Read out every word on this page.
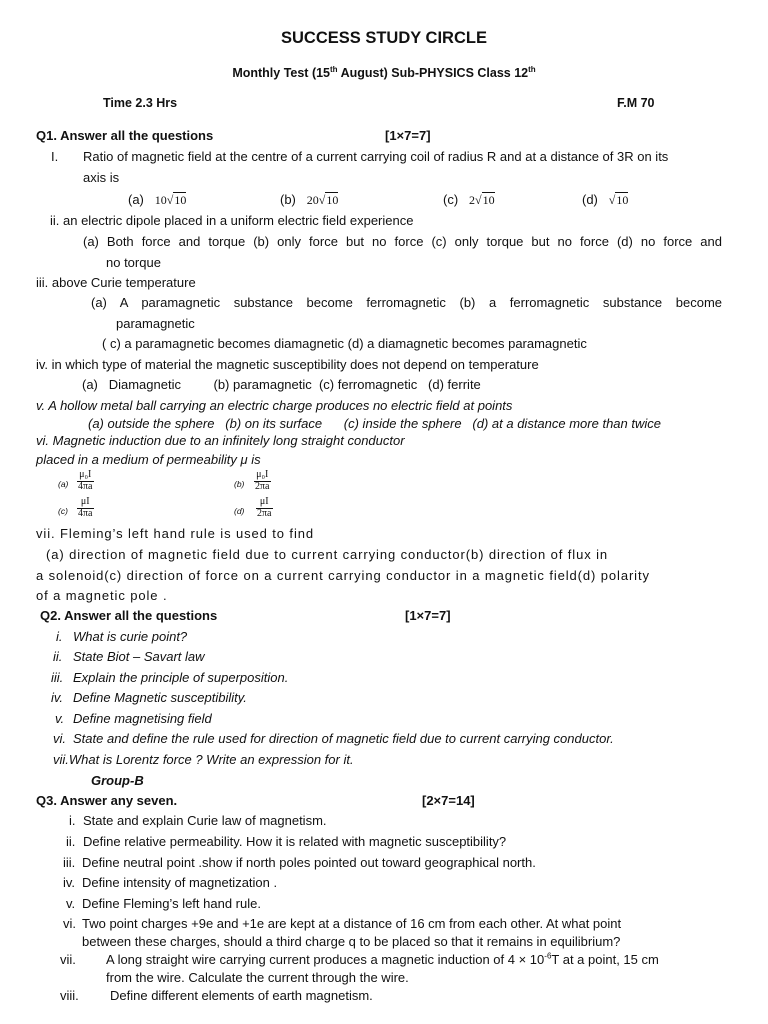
SUCCESS STUDY CIRCLE
Monthly Test (15th August) Sub-PHYSICS Class 12th
Time 2.3 Hrs	F.M 70
Q1. Answer all the questions	[1×7=7]
I. Ratio of magnetic field at the centre of a current carrying coil of radius R and at a distance of 3R on its
axis is
(a) 10√10	(b) 20√10	(c) 2√10	(d) √10
ii. an electric dipole placed in a uniform electric field experience
(a) Both force and torque (b) only force but no force (c) only torque but no force (d) no force and
no torque
iii. above Curie temperature
(a) A paramagnetic substance become ferromagnetic (b) a ferromagnetic substance become
paramagnetic
( c) a paramagnetic becomes diamagnetic (d) a diamagnetic becomes paramagnetic
iv. in which type of material the magnetic susceptibility does not depend on temperature
(a)   Diamagnetic         (b) paramagnetic  (c) ferromagnetic   (d) ferrite
v. A hollow metal ball carrying an electric charge produces no electric field at points
(a) outside the sphere   (b) on its surface      (c) inside the sphere   (d) at a distance more than twice
vi. Magnetic induction due to an infinitely long straight conductor
placed in a medium of permeability μ is
(a)
μ₀I
4πa	(b)
μ₀I
2πa
(c)
μI
4πa	(d)
μI
2πa
vii. Fleming’s left hand rule is used to find
(a) direction of magnetic field due to current carrying conductor(b) direction of flux in
a solenoid(c) direction of force on a current carrying conductor in a magnetic field(d) polarity
of a magnetic pole .
Q2. Answer all the questions	[1×7=7]
i. What is curie point?
ii. State Biot – Savart law
iii. Explain the principle of superposition.
iv. Define Magnetic susceptibility.
v. Define magnetising field
vi. State and define the rule used for direction of magnetic field due to current carrying conductor.
vii.What is Lorentz force ? Write an expression for it.
Group-B
Q3. Answer any seven.	[2×7=14]
i. State and explain Curie law of magnetism.
ii. Define relative permeability. How it is related with magnetic susceptibility?
iii. Define neutral point .show if north poles pointed out toward geographical north.
iv. Define intensity of magnetization .
v. Define Fleming’s left hand rule.
vi. Two point charges +9e and +1e are kept at a distance of 16 cm from each other. At what point
between these charges, should a third charge q to be placed so that it remains in equilibrium?
vii. A long straight wire carrying current produces a magnetic induction of $4 \times 10^{-6}T$ at a point, 15 cm
from the wire. Calculate the current through the wire.
viii. Define different elements of earth magnetism.
